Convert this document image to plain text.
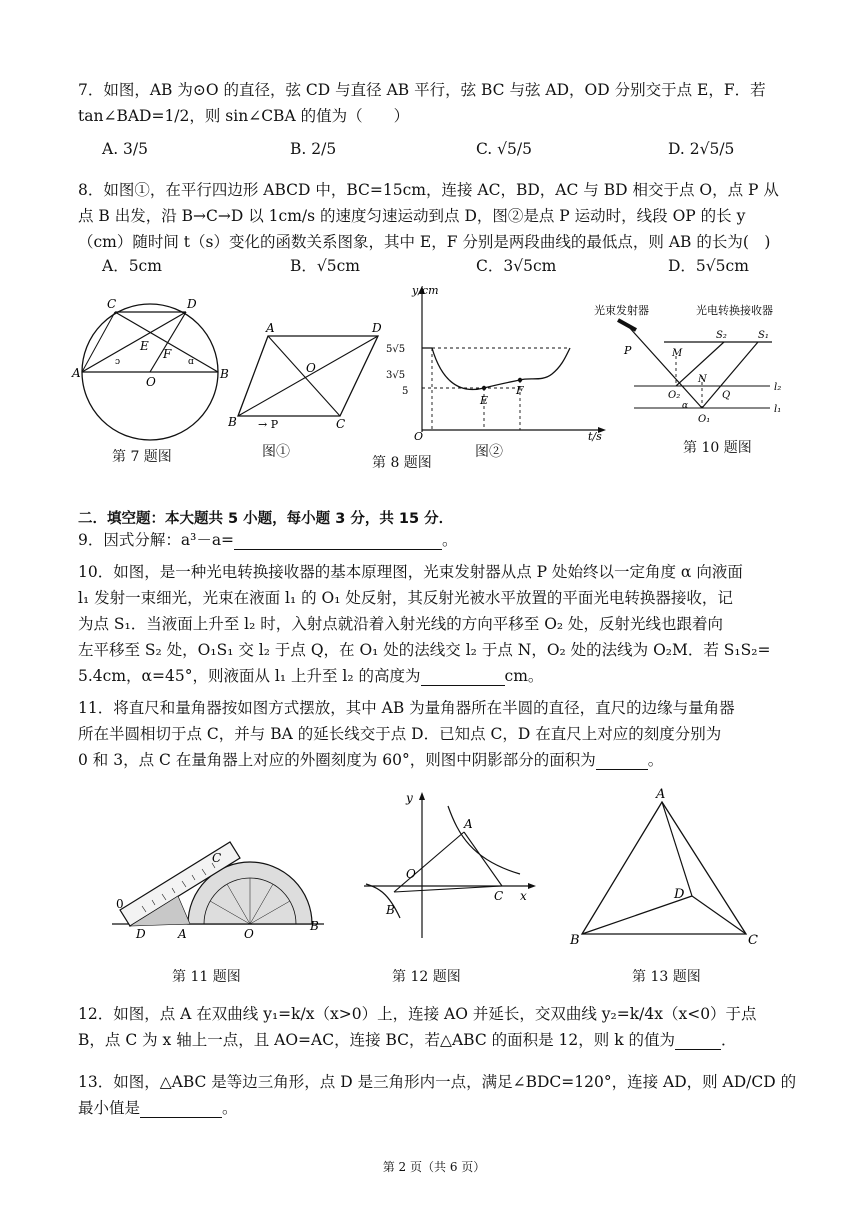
7．如图，AB 为⊙O 的直径，弦 CD 与直径 AB 平行，弦 BC 与弦 AD，OD 分别交于点 E，F．若
tan∠BAD=1/2，则 sin∠CBA 的值为（　　）
A. 3/5	B. 2/5	C. √5/5	D. 2√5/5
8．如图①，在平行四边形 ABCD 中，BC=15cm，连接 AC，BD，AC 与 BD 相交于点 O，点 P 从
点 B 出发，沿 B→C→D 以 1cm/s 的速度匀速运动到点 D，图②是点 P 运动时，线段 OP 的长 y
（cm）随时间 t（s）变化的函数关系图象，其中 E，F 分别是两段曲线的最低点，则 AB 的长为(　)
A．5cm	B．√5cm	C．3√5cm	D．5√5cm
C	D
A	B
O
E
F
ɔ	ɑ
第 7 题图
A	D
B	C
O
→ P
图①
y/cm
t/s
O
5√5
3√5
5
E
F
图②
第 8 题图
光束发射器	光电转换接收器
P	M
N
S₂	S₁
O₂	Q
α
O₁
l₂
l₁
第 10 题图
二．填空题：本大题共 5 小题，每小题 3 分，共 15 分．
9．因式分解：a³－a=	。
10．如图，是一种光电转换接收器的基本原理图，光束发射器从点 P 处始终以一定角度 α 向液面
l₁ 发射一束细光，光束在液面 l₁ 的 O₁ 处反射，其反射光被水平放置的平面光电转换器接收，记
为点 S₁．当液面上升至 l₂ 时，入射点就沿着入射光线的方向平移至 O₂ 处，反射光线也跟着向
左平移至 S₂ 处，O₁S₁ 交 l₂ 于点 Q，在 O₁ 处的法线交 l₂ 于点 N，O₂ 处的法线为 O₂M．若 S₁S₂=
5.4cm，α=45°，则液面从 l₁ 上升至 l₂ 的高度为	cm。
11．将直尺和量角器按如图方式摆放，其中 AB 为量角器所在半圆的直径，直尺的边缘与量角器
所在半圆相切于点 C，并与 BA 的延长线交于点 D．已知点 C，D 在直尺上对应的刻度分别为
0 和 3，点 C 在量角器上对应的外圈刻度为 60°，则图中阴影部分的面积为	。
0
C
D	A	O
B
第 11 题图
y
A
O
B
C x
第 12 题图
A
B	C
D
第 13 题图
12．如图，点 A 在双曲线 y₁=k/x（x>0）上，连接 AO 并延长，交双曲线 y₂=k/4x（x<0）于点
B，点 C 为 x 轴上一点，且 AO=AC，连接 BC，若△ABC 的面积是 12，则 k 的值为	．
13．如图，△ABC 是等边三角形，点 D 是三角形内一点，满足∠BDC=120°，连接 AD，则 AD/CD 的
最小值是	。
第 2 页（共 6 页）
